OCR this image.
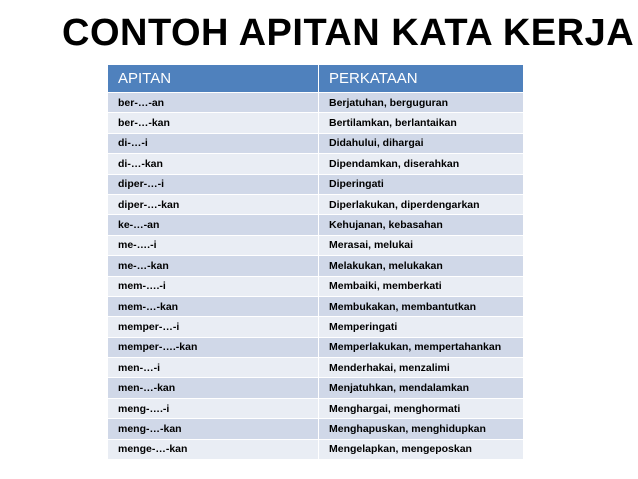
CONTOH APITAN KATA KERJA
APITAN	PERKATAAN
ber-…-an	Berjatuhan, berguguran
ber-…-kan	Bertilamkan, berlantaikan
di-…-i	Didahului, dihargai
di-…-kan	Dipendamkan, diserahkan
diper-…-i	Diperingati
diper-…-kan	Diperlakukan, diperdengarkan
ke-…-an	Kehujanan, kebasahan
me-….-i	Merasai, melukai
me-…-kan	Melakukan, melukakan
mem-….-i	Membaiki, memberkati
mem-…-kan	Membukakan, membantutkan
memper-…-i	Memperingati
memper-….-kan	Memperlakukan, mempertahankan
men-…-i	Menderhakai, menzalimi
men-…-kan	Menjatuhkan, mendalamkan
meng-….-i	Menghargai, menghormati
meng-…-kan	Menghapuskan, menghidupkan
menge-…-kan	Mengelapkan, mengeposkan
